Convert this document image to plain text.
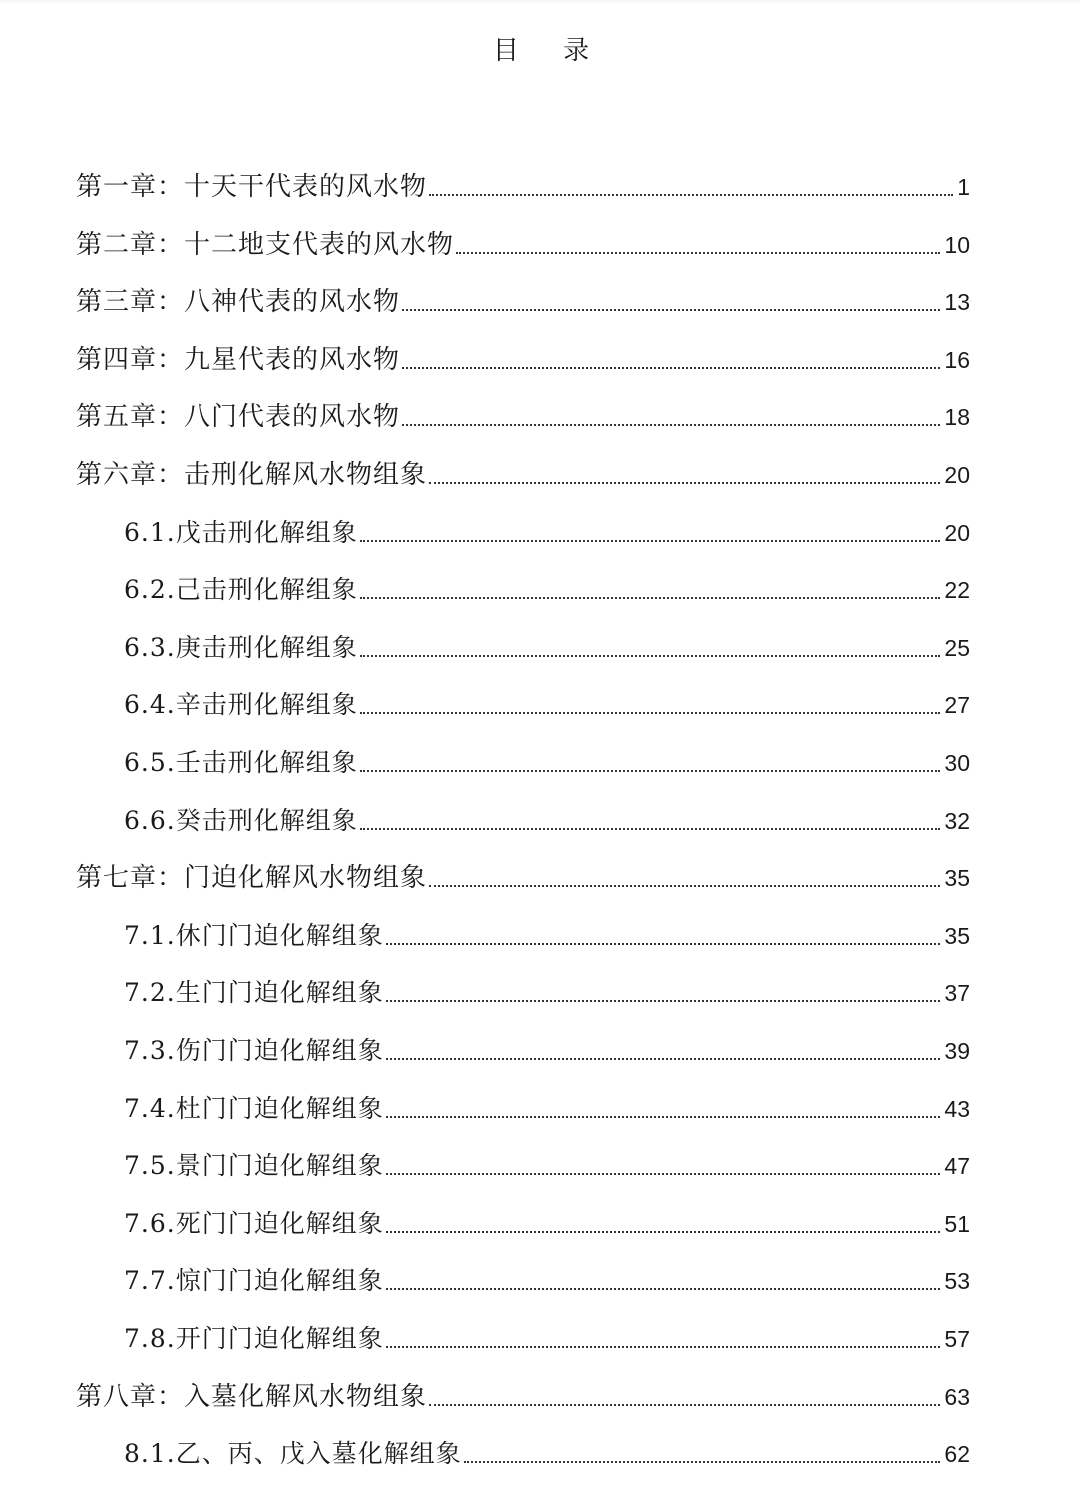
目 录
第一章：十天干代表的风水物	1
第二章：十二地支代表的风水物	10
第三章：八神代表的风水物	13
第四章：九星代表的风水物	16
第五章：八门代表的风水物	18
第六章：击刑化解风水物组象	20
6.1.戊击刑化解组象	20
6.2.己击刑化解组象	22
6.3.庚击刑化解组象	25
6.4.辛击刑化解组象	27
6.5.壬击刑化解组象	30
6.6.癸击刑化解组象	32
第七章：门迫化解风水物组象	35
7.1.休门门迫化解组象	35
7.2.生门门迫化解组象	37
7.3.伤门门迫化解组象	39
7.4.杜门门迫化解组象	43
7.5.景门门迫化解组象	47
7.6.死门门迫化解组象	51
7.7.惊门门迫化解组象	53
7.8.开门门迫化解组象	57
第八章：入墓化解风水物组象	63
8.1.乙、丙、戊入墓化解组象	62
